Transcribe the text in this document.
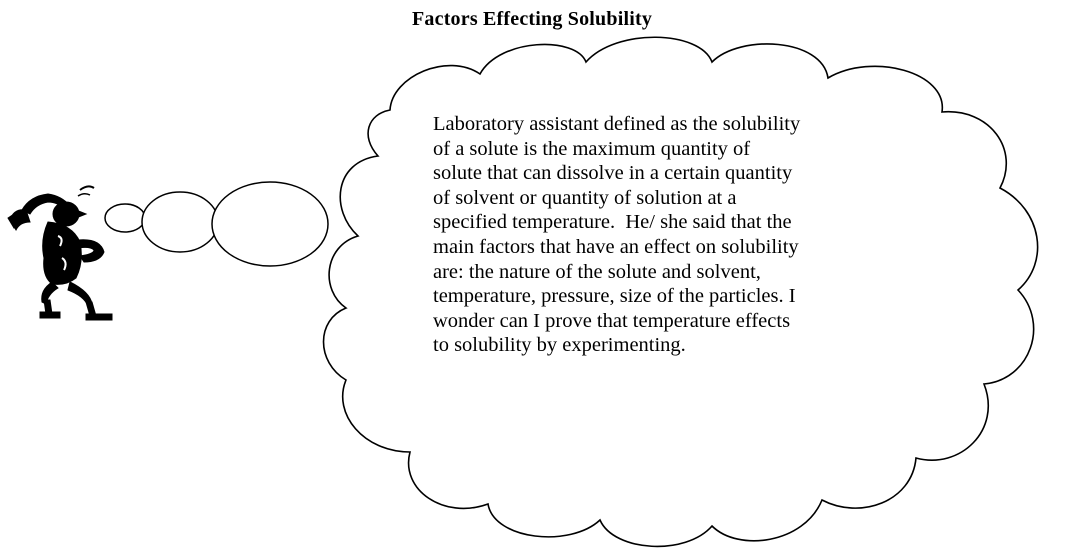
Factors Effecting Solubility
Laboratory assistant defined as the solubility
of a solute is the maximum quantity of
solute that can dissolve in a certain quantity
of solvent or quantity of solution at a
specified temperature.  He/ she said that the
main factors that have an effect on solubility
are: the nature of the solute and solvent,
temperature, pressure, size of the particles. I
wonder can I prove that temperature effects
to solubility by experimenting.
